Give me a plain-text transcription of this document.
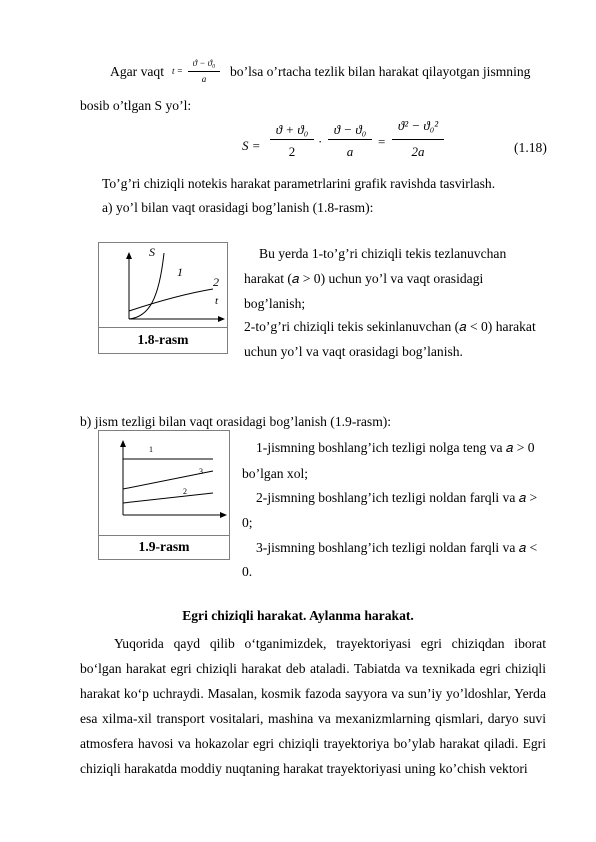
Agar vaqt t =
ϑ − ϑ₀
a	bo’lsa o’rtacha tezlik bilan harakat qilayotgan jismning
bosib o’tlgan S yo’l:
S =
ϑ + ϑ₀
2
·
ϑ − ϑ₀
a
=
ϑ² − ϑ₀²
2a	(1.18)
To’g’ri chiziqli notekis harakat parametrlarini grafik ravishda tasvirlash.
a) yo’l bilan vaqt orasidagi bog’lanish (1.8-rasm):
S
1
2
t
1.8-rasm
Bu yerda 1-to’g’ri chiziqli tekis tezlanuvchan
harakat (𝑎 > 0) uchun yo’l va vaqt orasidagi
bog’lanish;
2-to’g’ri chiziqli tekis sekinlanuvchan (𝑎 < 0) harakat
uchun yo’l va vaqt orasidagi bog’lanish.
b) jism tezligi bilan vaqt orasidagi bog’lanish (1.9-rasm):
1
2
3
1.9-rasm
1-jismning boshlang’ich tezligi nolga teng va 𝑎 > 0
bo’lgan xol;
2-jismning boshlang’ich tezligi noldan farqli va 𝑎 >
0;
3-jismning boshlang’ich tezligi noldan farqli va 𝑎 <
0.
Egri chiziqli harakat. Aylanma harakat.
Yuqorida qayd qilib o‘tganimizdek, trayektoriyasi egri chiziqdan iborat bo‘lgan harakat egri chiziqli harakat deb ataladi. Tabiatda va texnikada egri chiziqli harakat ko‘p uchraydi. Masalan, kosmik fazoda sayyora va sun’iy yo’ldoshlar, Yerda esa xilma-xil transport vositalari, mashina va mexanizmlarning qismlari, daryo suvi atmosfera havosi va hokazolar egri chiziqli trayektoriya bo’ylab harakat qiladi. Egri chiziqli harakatda moddiy nuqtaning harakat trayektoriyasi uning ko’chish vektori
